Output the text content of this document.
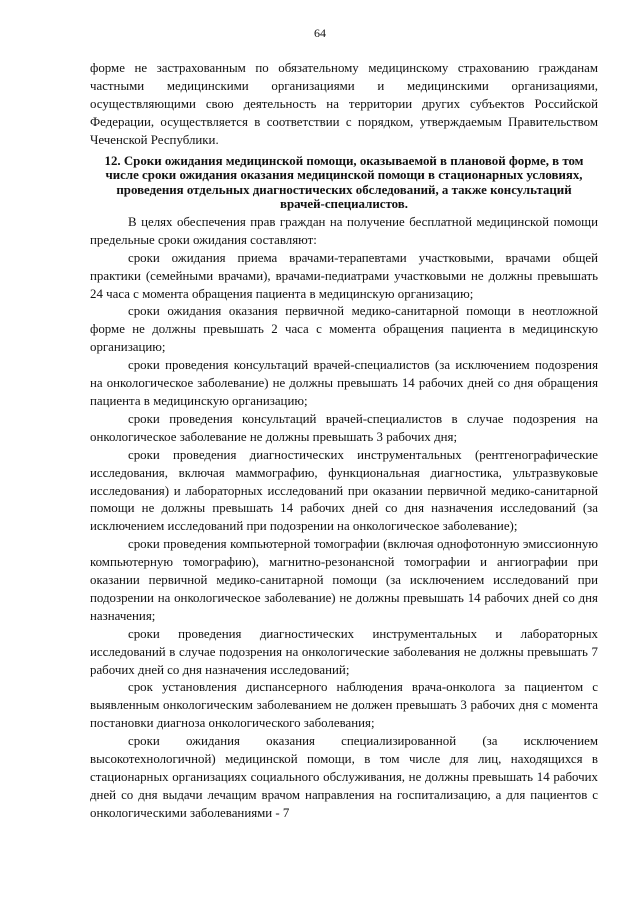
64

форме не застрахованным по обязательному медицинскому страхованию гражданам частными медицинскими организациями и медицинскими организациями, осуществляющими свою деятельность на территории других субъектов Российской Федерации, осуществляется в соответствии с порядком, утверждаемым Правительством Чеченской Республики.

12. Сроки ожидания медицинской помощи, оказываемой в плановой форме, в том числе сроки ожидания оказания медицинской помощи в стационарных условиях, проведения отдельных диагностических обследований, а также консультаций врачей-специалистов.

В целях обеспечения прав граждан на получение бесплатной медицинской помощи предельные сроки ожидания составляют:

сроки ожидания приема врачами-терапевтами участковыми, врачами общей практики (семейными врачами), врачами-педиатрами участковыми не должны превышать 24 часа с момента обращения пациента в медицинскую организацию;

сроки ожидания оказания первичной медико-санитарной помощи в неотложной форме не должны превышать 2 часа с момента обращения пациента в медицинскую организацию;

сроки проведения консультаций врачей-специалистов (за исключением подозрения на онкологическое заболевание) не должны превышать 14 рабочих дней со дня обращения пациента в медицинскую организацию;

сроки проведения консультаций врачей-специалистов в случае подозрения на онкологическое заболевание не должны превышать 3 рабочих дня;

сроки проведения диагностических инструментальных (рентгенографические исследования, включая маммографию, функциональная диагностика, ультразвуковые исследования) и лабораторных исследований при оказании первичной медико-санитарной помощи не должны превышать 14 рабочих дней со дня назначения исследований (за исключением исследований при подозрении на онкологическое заболевание);

сроки проведения компьютерной томографии (включая однофотонную эмиссионную компьютерную томографию), магнитно-резонансной томографии и ангиографии при оказании первичной медико-санитарной помощи (за исключением исследований при подозрении на онкологическое заболевание) не должны превышать 14 рабочих дней со дня назначения;

сроки проведения диагностических инструментальных и лабораторных исследований в случае подозрения на онкологические заболевания не должны превышать 7 рабочих дней со дня назначения исследований;

срок установления диспансерного наблюдения врача-онколога за пациентом с выявленным онкологическим заболеванием не должен превышать 3 рабочих дня с момента постановки диагноза онкологического заболевания;

сроки ожидания оказания специализированной (за исключением высокотехнологичной) медицинской помощи, в том числе для лиц, находящихся в стационарных организациях социального обслуживания, не должны превышать 14 рабочих дней со дня выдачи лечащим врачом направления на госпитализацию, а для пациентов с онкологическими заболеваниями - 7
